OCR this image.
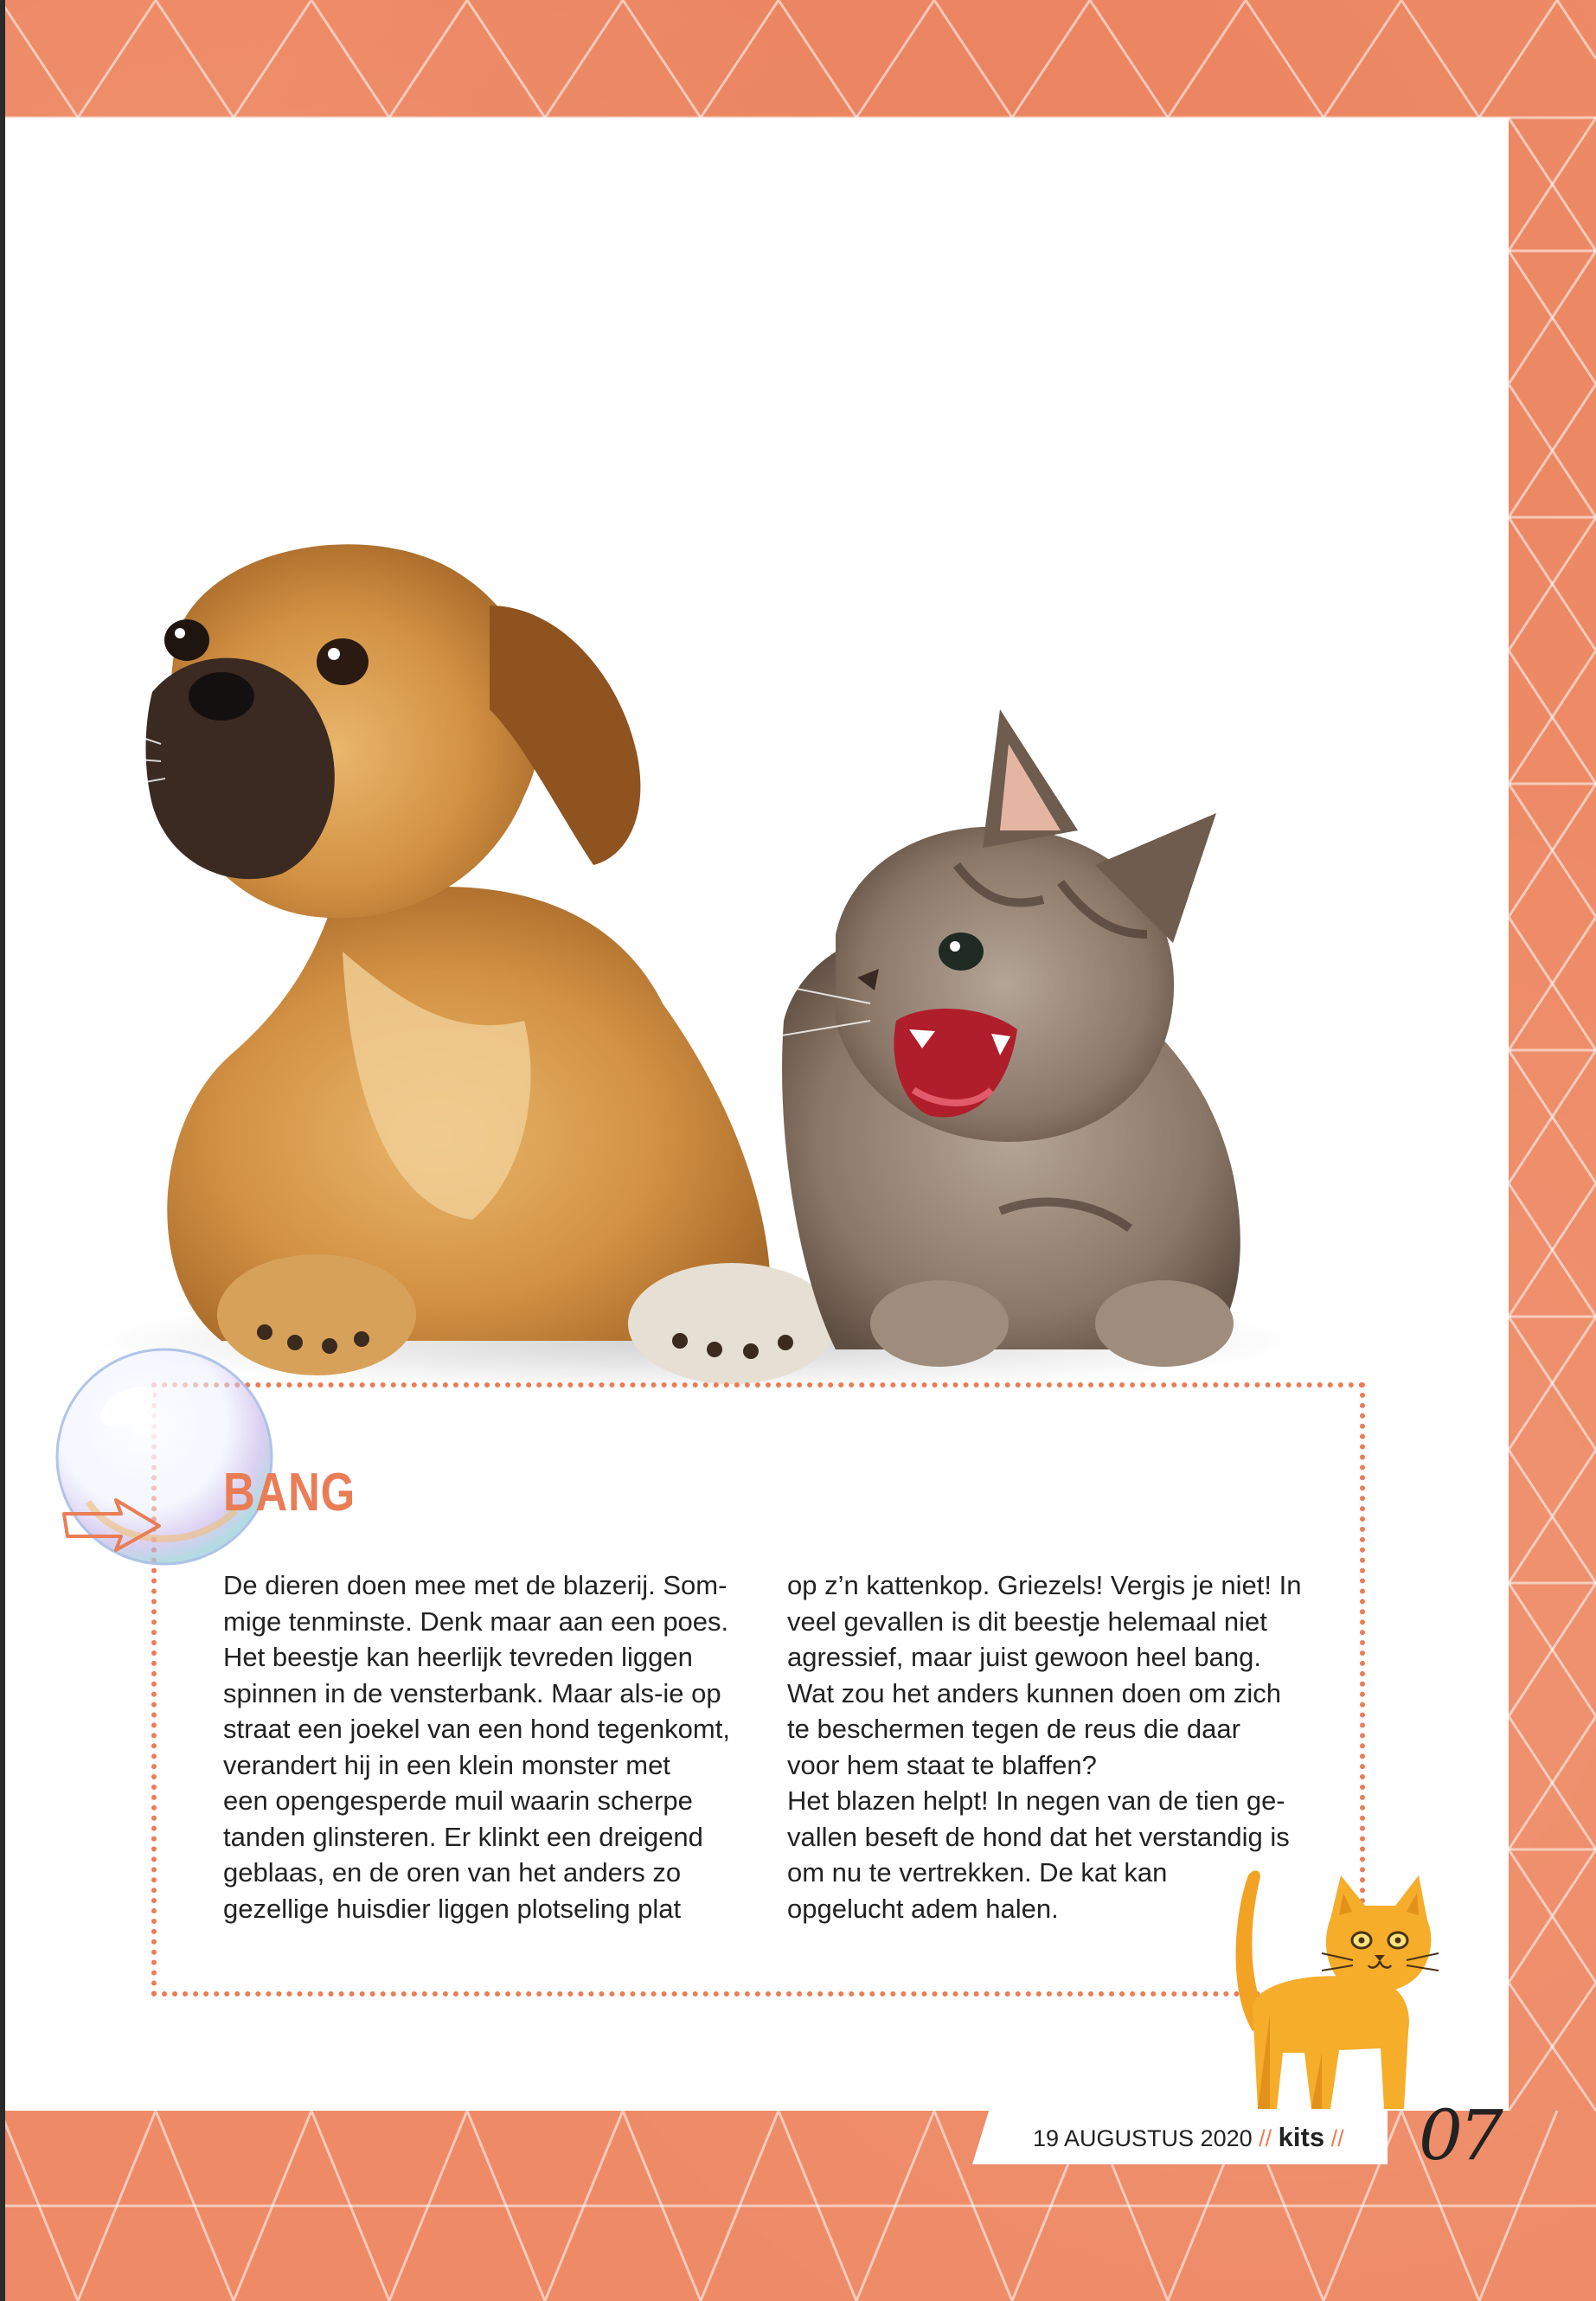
BANG

De dieren doen mee met de blazerij. Som-
mige tenminste. Denk maar aan een poes.
Het beestje kan heerlijk tevreden liggen
spinnen in de vensterbank. Maar als-ie op
straat een joekel van een hond tegenkomt,
verandert hij in een klein monster met
een opengesperde muil waarin scherpe
tanden glinsteren. Er klinkt een dreigend
geblaas, en de oren van het anders zo
gezellige huisdier liggen plotseling plat

op z’n kattenkop. Griezels! Vergis je niet! In
veel gevallen is dit beestje helemaal niet
agressief, maar juist gewoon heel bang.
Wat zou het anders kunnen doen om zich
te beschermen tegen de reus die daar
voor hem staat te blaffen?
Het blazen helpt! In negen van de tien ge-
vallen beseft de hond dat het verstandig is
om nu te vertrekken. De kat kan
opgelucht adem halen.

19 AUGUSTUS 2020 // kits // 07
